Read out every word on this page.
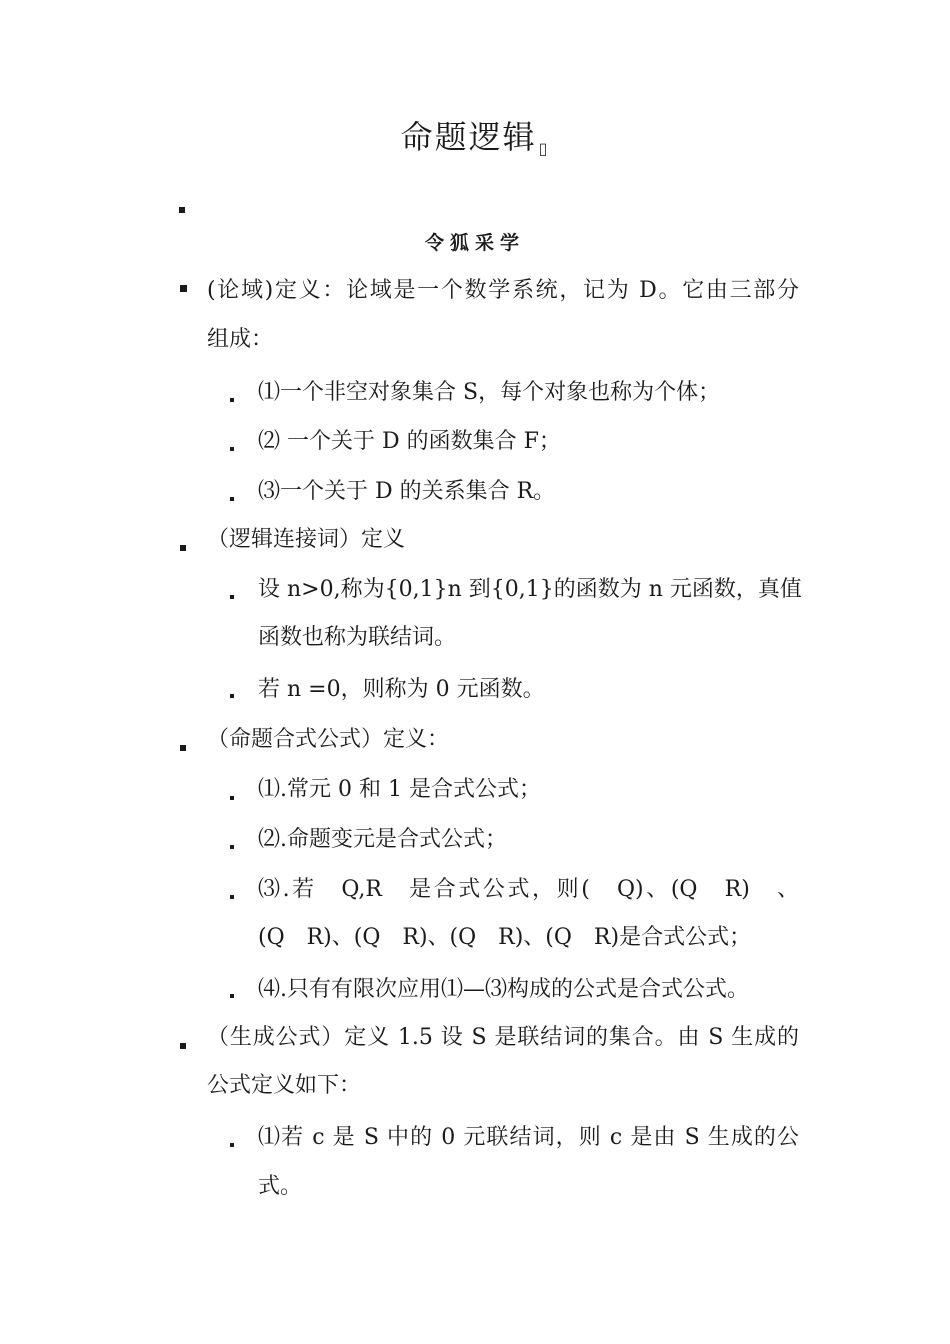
命题逻辑 ▯
令狐采学
(论域)定义：论域是一个数学系统，记为 D。它由三部分
组成：
⑴一个非空对象集合 S，每个对象也称为个体；
⑵ 一个关于 D 的函数集合 F；
⑶一个关于 D 的关系集合 R。
（逻辑连接词）定义
设 n>0,称为{0,1}n 到{0,1}的函数为 n 元函数，真值
函数也称为联结词。
若 n =0，则称为 0 元函数。
（命题合式公式）定义：
⑴.常元 0 和 1 是合式公式；
⑵.命题变元是合式公式；
⑶.若　Q,R　是合式公式，则(　Q)、(Q　R)　、
(Q　R)、(Q　R)、(Q　R)、(Q　R)是合式公式；
⑷.只有有限次应用⑴—⑶构成的公式是合式公式。
（生成公式）定义 1.5 设 S 是联结词的集合。由 S 生成的
公式定义如下：
⑴若 c 是 S 中的 0 元联结词，则 c 是由 S 生成的公
式。
